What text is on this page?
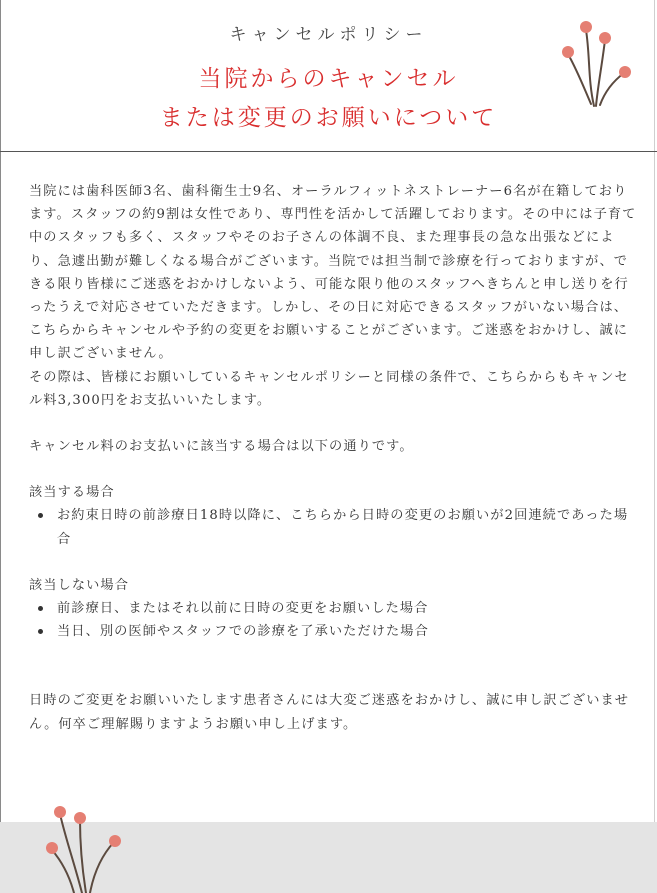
キャンセルポリシー
当院からのキャンセル
または変更のお願いについて

当院には歯科医師3名、歯科衛生士9名、オーラルフィットネストレーナー6名が在籍しております。スタッフの約9割は女性であり、専門性を活かして活躍しております。その中には子育て中のスタッフも多く、スタッフやそのお子さんの体調不良、また理事長の急な出張などにより、急遽出勤が難しくなる場合がございます。当院では担当制で診療を行っておりますが、できる限り皆様にご迷惑をおかけしないよう、可能な限り他のスタッフへきちんと申し送りを行ったうえで対応させていただきます。しかし、その日に対応できるスタッフがいない場合は、こちらからキャンセルや予約の変更をお願いすることがございます。ご迷惑をおかけし、誠に申し訳ございません。

その際は、皆様にお願いしているキャンセルポリシーと同様の条件で、こちらからもキャンセル料3,300円をお支払いいたします。

キャンセル料のお支払いに該当する場合は以下の通りです。

該当する場合

お約束日時の前診療日18時以降に、こちらから日時の変更のお願いが2回連続であった場合

該当しない場合

前診療日、またはそれ以前に日時の変更をお願いした場合
当日、別の医師やスタッフでの診療を了承いただけた場合

日時のご変更をお願いいたします患者さんには大変ご迷惑をおかけし、誠に申し訳ございません。何卒ご理解賜りますようお願い申し上げます。
